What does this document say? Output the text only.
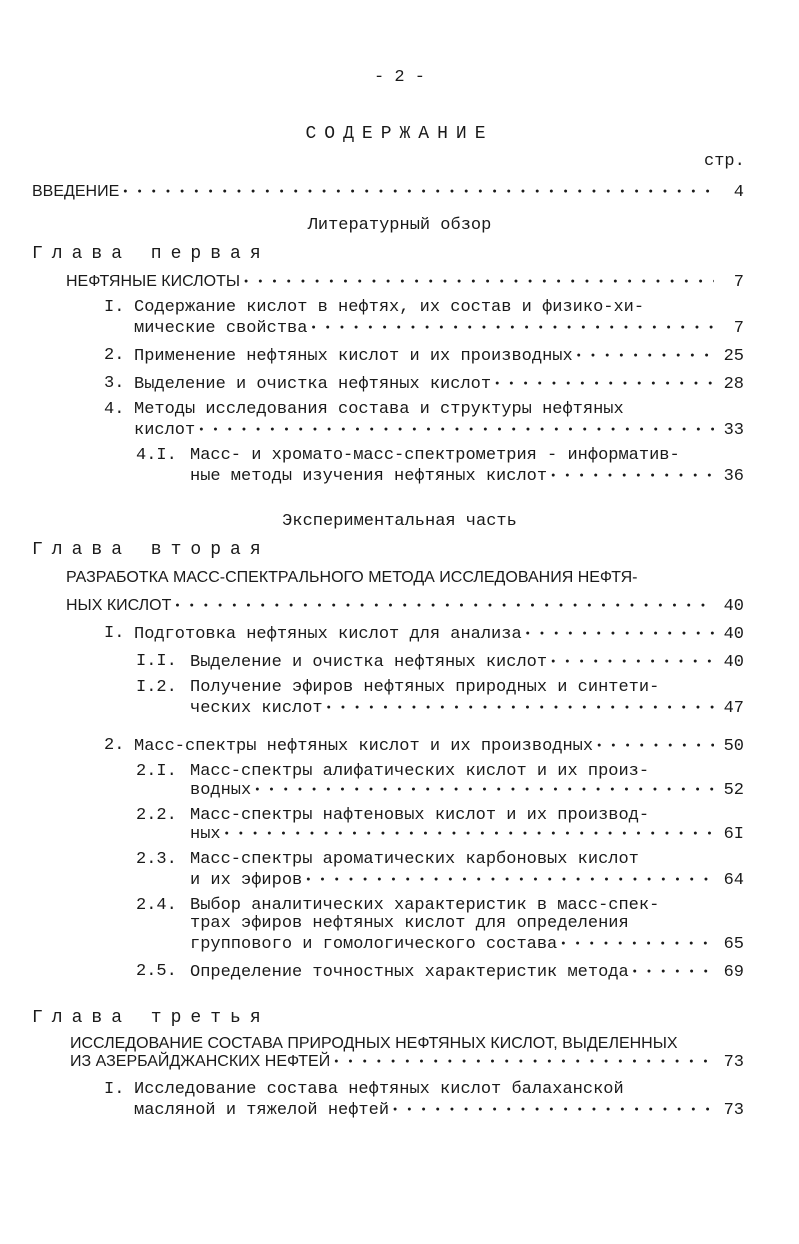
- 2 -
СОДЕРЖАНИЕ
стр.
ВВЕДЕНИЕ ●●●●●●●●●●●●●●●●●●●●●●●●●●●●●●●●●●●●●●●●●●●●●●●●●●●●●●●●●●●●●●●	4
Литературный обзор
Глава первая
НЕФТЯНЫЕ КИСЛОТЫ ●●●●●●●●●●●●●●●●●●●●●●●●●●●●●●●●●●●●●●●●●●●●●●●●●●●●●●●●●●●●●●●	7
I. Содержание кислот в нефтях, их состав и физико-хи-
мические свойства ●●●●●●●●●●●●●●●●●●●●●●●●●●●●●●●●●●●●●●●●●●●●●●●●●●●●●●●●●●●●●●●	7
2. Применение нефтяных кислот и их производных ●●●●●●●●●●●●●●●●●●●●●●●●●●●●●●●●●●●●●●●●●●●●●●●●●●●●●●●●●●●●●●●	25
3. Выделение и очистка нефтяных кислот ●●●●●●●●●●●●●●●●●●●●●●●●●●●●●●●●●●●●●●●●●●●●●●●●●●●●●●●●●●●●●●●	28
4. Методы исследования состава и структуры нефтяных
кислот ●●●●●●●●●●●●●●●●●●●●●●●●●●●●●●●●●●●●●●●●●●●●●●●●●●●●●●●●●●●●●●●	33
4.I. Масс- и хромато-масс-спектрометрия - информатив-
ные методы изучения нефтяных кислот ●●●●●●●●●●●●●●●●●●●●●●●●●●●●●●●●●●●●●●●●●●●●●●●●●●●●●●●●●●●●●●●	36
Экспериментальная часть
Глава вторая
РАЗРАБОТКА МАСС-СПЕКТРАЛЬНОГО МЕТОДА ИССЛЕДОВАНИЯ НЕФТЯ-
НЫХ КИСЛОТ ●●●●●●●●●●●●●●●●●●●●●●●●●●●●●●●●●●●●●●●●●●●●●●●●●●●●●●●●●●●●●●●	40
I. Подготовка нефтяных кислот для анализа ●●●●●●●●●●●●●●●●●●●●●●●●●●●●●●●●●●●●●●●●●●●●●●●●●●●●●●●●●●●●●●●	40
I.I. Выделение и очистка нефтяных кислот ●●●●●●●●●●●●●●●●●●●●●●●●●●●●●●●●●●●●●●●●●●●●●●●●●●●●●●●●●●●●●●●	40
I.2. Получение эфиров нефтяных природных и синтети-
ческих кислот ●●●●●●●●●●●●●●●●●●●●●●●●●●●●●●●●●●●●●●●●●●●●●●●●●●●●●●●●●●●●●●●	47
2. Масс-спектры нефтяных кислот и их производных ●●●●●●●●●●●●●●●●●●●●●●●●●●●●●●●●●●●●●●●●●●●●●●●●●●●●●●●●●●●●●●●	50
2.I. Масс-спектры алифатических кислот и их произ-
водных ●●●●●●●●●●●●●●●●●●●●●●●●●●●●●●●●●●●●●●●●●●●●●●●●●●●●●●●●●●●●●●●	52
2.2. Масс-спектры нафтеновых кислот и их производ-
ных ●●●●●●●●●●●●●●●●●●●●●●●●●●●●●●●●●●●●●●●●●●●●●●●●●●●●●●●●●●●●●●●	6I
2.3. Масс-спектры ароматических карбоновых кислот
и их эфиров ●●●●●●●●●●●●●●●●●●●●●●●●●●●●●●●●●●●●●●●●●●●●●●●●●●●●●●●●●●●●●●●	64
2.4. Выбор аналитических характеристик в масс-спек-
трах эфиров нефтяных кислот для определения
группового и гомологического состава ●●●●●●●●●●●●●●●●●●●●●●●●●●●●●●●●●●●●●●●●●●●●●●●●●●●●●●●●●●●●●●●	65
2.5. Определение точностных характеристик метода ●●●●●●●●●●●●●●●●●●●●●●●●●●●●●●●●●●●●●●●●●●●●●●●●●●●●●●●●●●●●●●●	69
Глава третья
ИССЛЕДОВАНИЕ СОСТАВА ПРИРОДНЫХ НЕФТЯНЫХ КИСЛОТ, ВЫДЕЛЕННЫХ
ИЗ АЗЕРБАЙДЖАНСКИХ НЕФТЕЙ ●●●●●●●●●●●●●●●●●●●●●●●●●●●●●●●●●●●●●●●●●●●●●●●●●●●●●●●●●●●●●●●	73
I. Исследование состава нефтяных кислот балаханской
масляной и тяжелой нефтей ●●●●●●●●●●●●●●●●●●●●●●●●●●●●●●●●●●●●●●●●●●●●●●●●●●●●●●●●●●●●●●●	73
